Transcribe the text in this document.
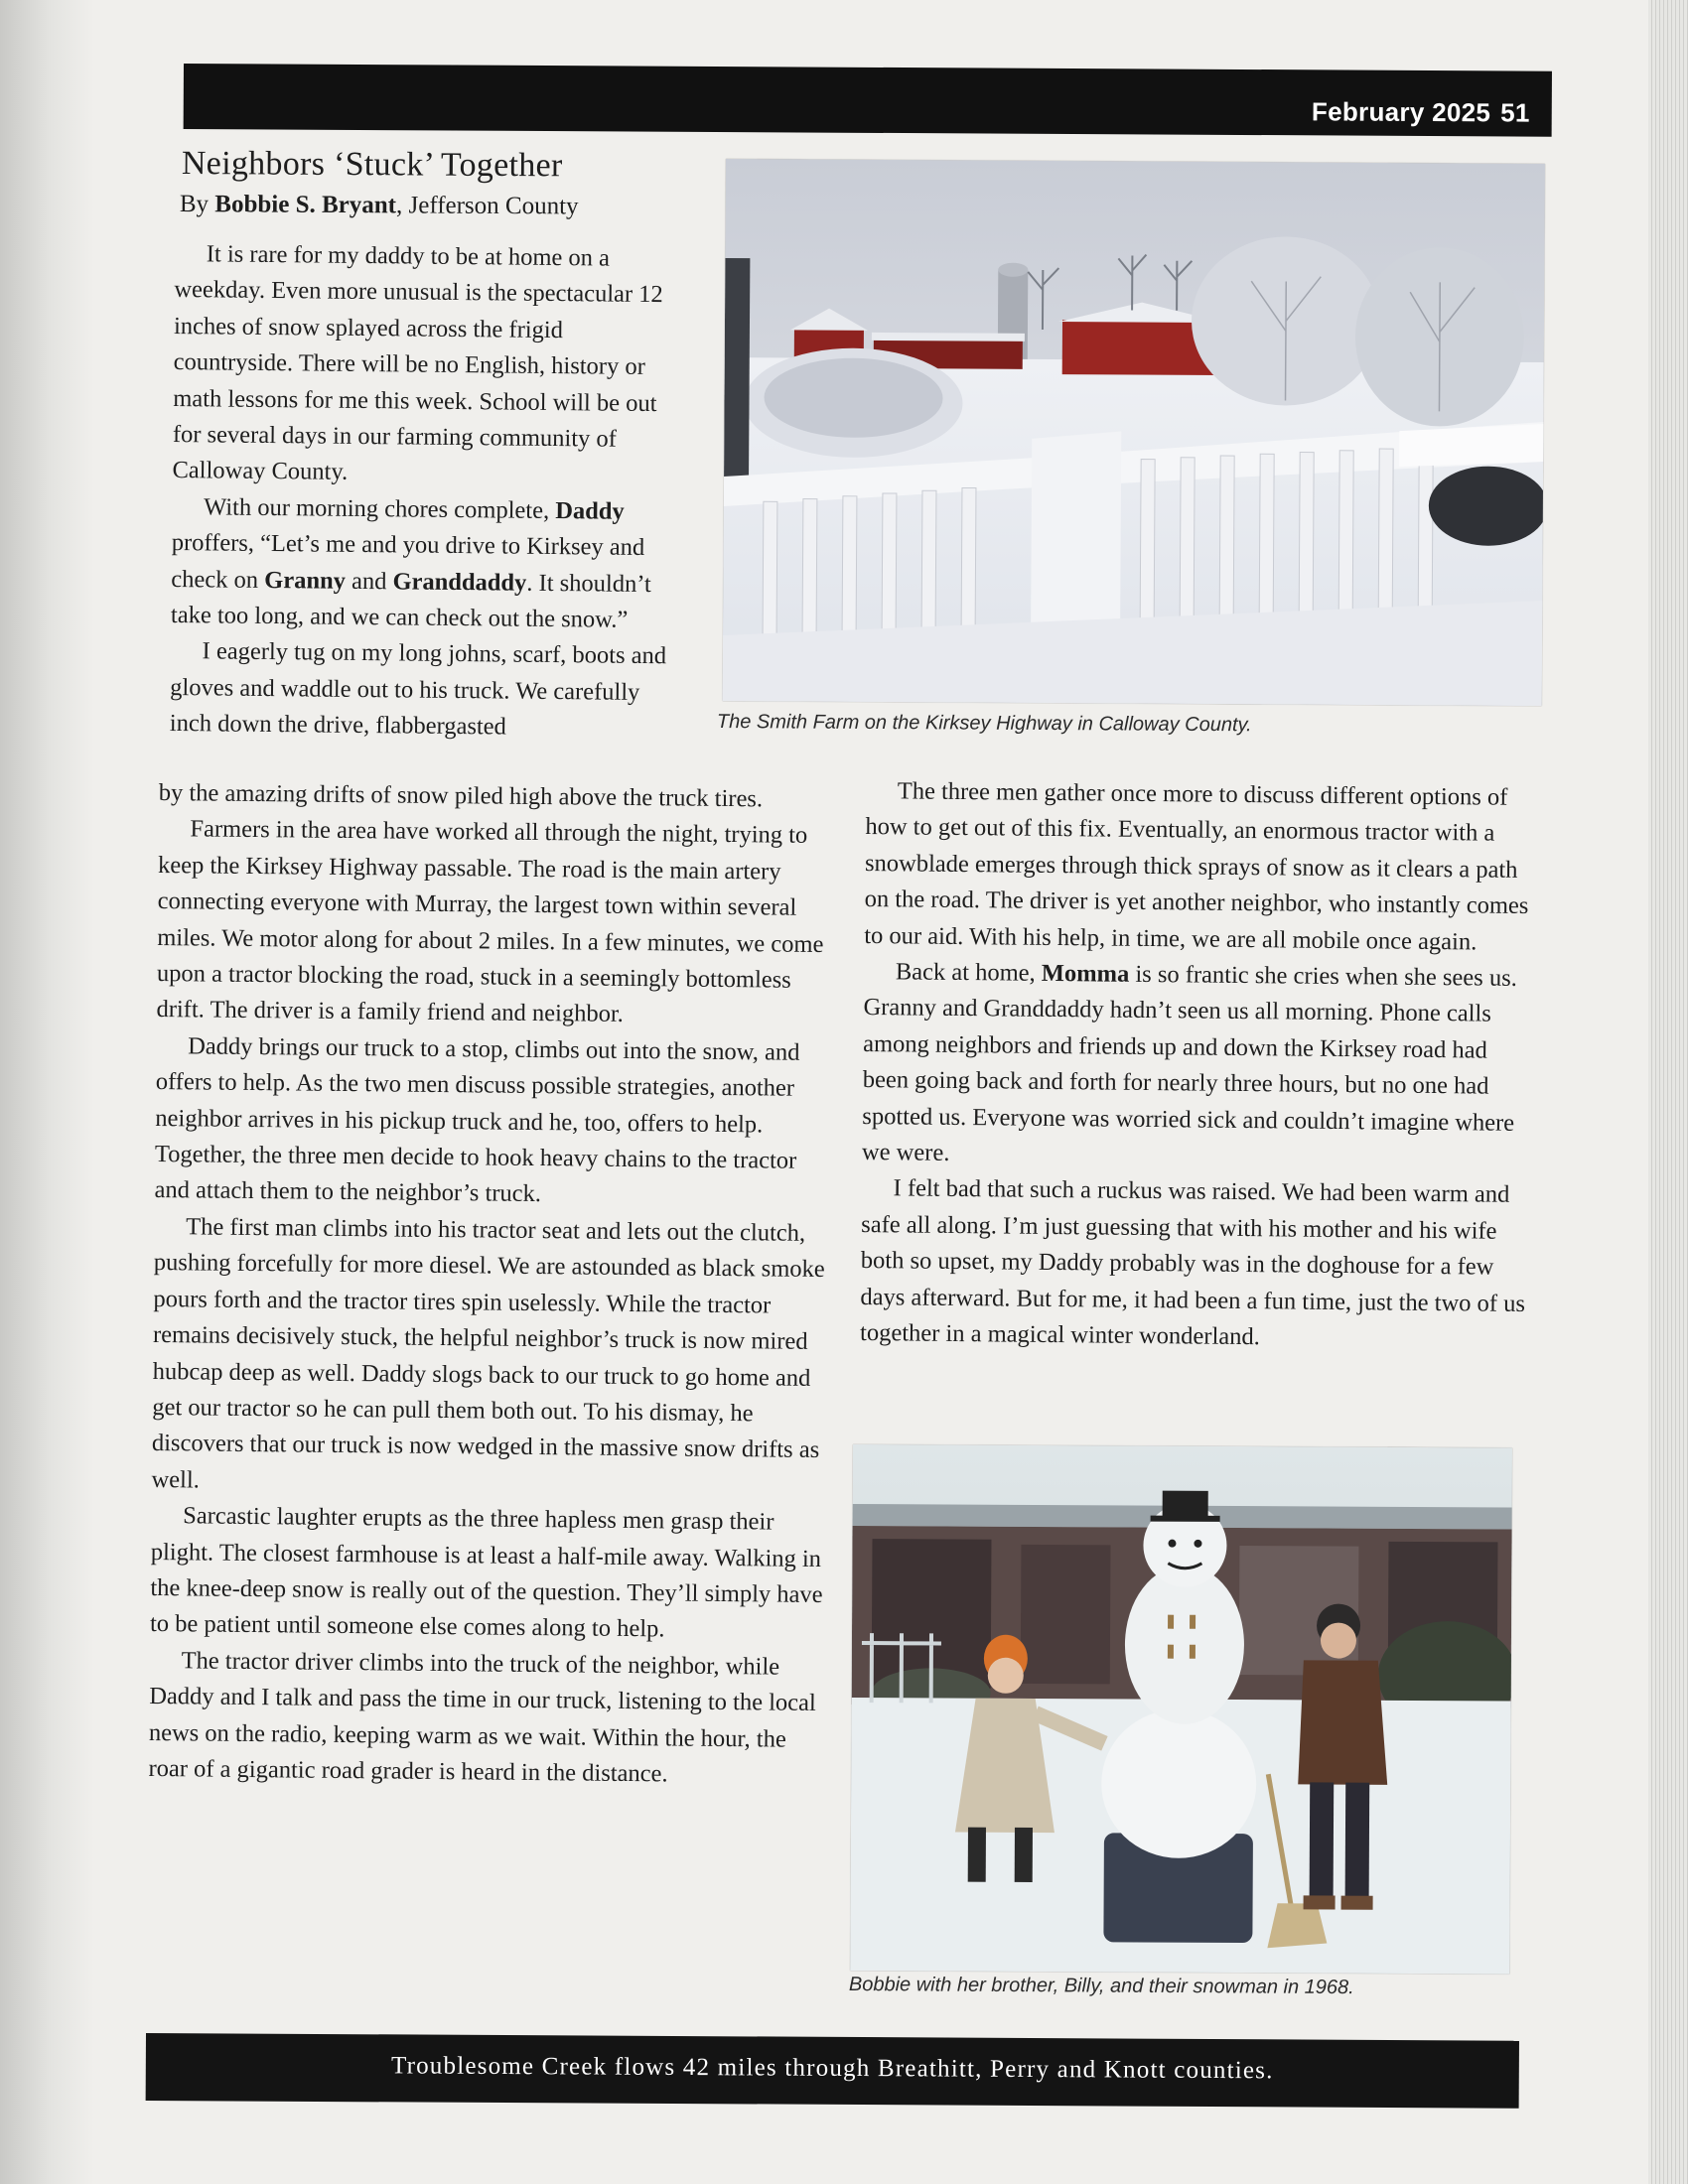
February 2025 51
Neighbors ‘Stuck’ Together
By Bobbie S. Bryant, Jefferson County

It is rare for my daddy to be at home on a weekday. Even more unusual is the spectacular 12 inches of snow splayed across the frigid countryside. There will be no English, history or math lessons for me this week. School will be out for several days in our farming community of Calloway County.

With our morning chores complete, Daddy proffers, “Let’s me and you drive to Kirksey and check on Granny and Granddaddy. It shouldn’t take too long, and we can check out the snow.”

I eagerly tug on my long johns, scarf, boots and gloves and waddle out to his truck. We carefully inch down the drive, flabbergasted

by the amazing drifts of snow piled high above the truck tires.

Farmers in the area have worked all through the night, trying to keep the Kirksey Highway passable. The road is the main artery connecting everyone with Murray, the largest town within several miles. We motor along for about 2 miles. In a few minutes, we come upon a tractor blocking the road, stuck in a seemingly bottomless drift. The driver is a family friend and neighbor.

Daddy brings our truck to a stop, climbs out into the snow, and offers to help. As the two men discuss possible strategies, another neighbor arrives in his pickup truck and he, too, offers to help. Together, the three men decide to hook heavy chains to the tractor and attach them to the neighbor’s truck.

The first man climbs into his tractor seat and lets out the clutch, pushing forcefully for more diesel. We are astounded as black smoke pours forth and the tractor tires spin uselessly. While the tractor remains decisively stuck, the helpful neighbor’s truck is now mired hubcap deep as well. Daddy slogs back to our truck to go home and get our tractor so he can pull them both out. To his dismay, he discovers that our truck is now wedged in the massive snow drifts as well.

Sarcastic laughter erupts as the three hapless men grasp their plight. The closest farmhouse is at least a half-mile away. Walking in the knee-deep snow is really out of the question. They’ll simply have to be patient until someone else comes along to help.

The tractor driver climbs into the truck of the neighbor, while Daddy and I talk and pass the time in our truck, listening to the local news on the radio, keeping warm as we wait. Within the hour, the roar of a gigantic road grader is heard in the distance.

The three men gather once more to discuss different options of how to get out of this fix. Eventually, an enormous tractor with a snowblade emerges through thick sprays of snow as it clears a path on the road. The driver is yet another neighbor, who instantly comes to our aid. With his help, in time, we are all mobile once again.

Back at home, Momma is so frantic she cries when she sees us. Granny and Granddaddy hadn’t seen us all morning. Phone calls among neighbors and friends up and down the Kirksey road had been going back and forth for nearly three hours, but no one had spotted us. Everyone was worried sick and couldn’t imagine where we were.

I felt bad that such a ruckus was raised. We had been warm and safe all along. I’m just guessing that with his mother and his wife both so upset, my Daddy probably was in the doghouse for a few days afterward. But for me, it had been a fun time, just the two of us together in a magical winter wonderland.

The Smith Farm on the Kirksey Highway in Calloway County.
Bobbie with her brother, Billy, and their snowman in 1968.
Troublesome Creek flows 42 miles through Breathitt, Perry and Knott counties.
